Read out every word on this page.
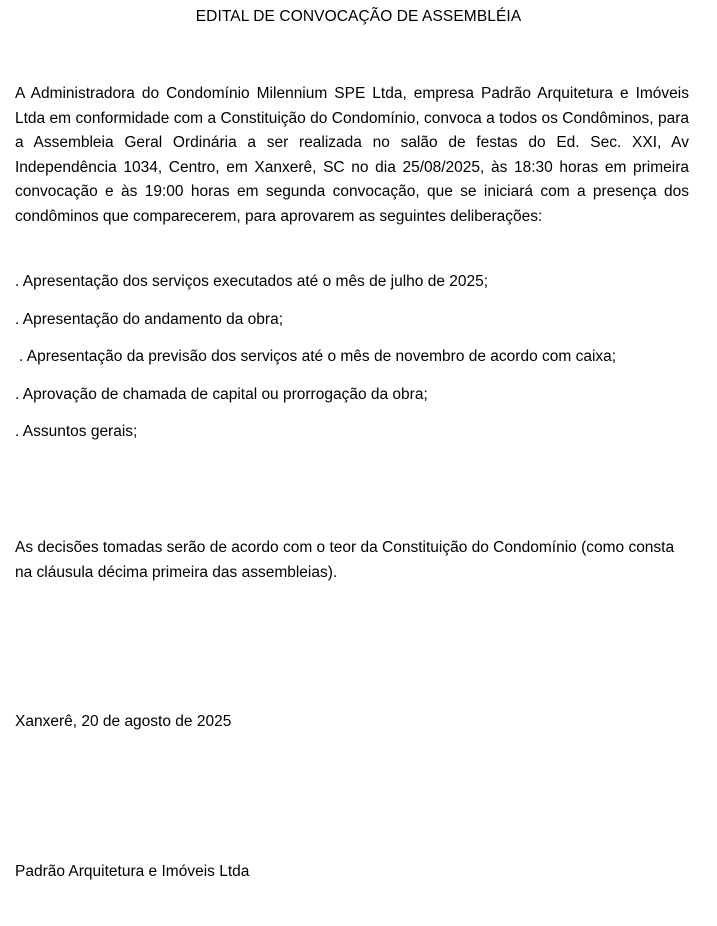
EDITAL DE CONVOCAÇÃO DE ASSEMBLÉIA

A Administradora do Condomínio Milennium SPE Ltda, empresa Padrão Arquitetura e Imóveis Ltda em conformidade com a Constituição do Condomínio, convoca a todos os Condôminos, para a Assembleia Geral Ordinária a ser realizada no salão de festas do Ed. Sec. XXI, Av Independência 1034, Centro, em Xanxerê, SC no dia 25/08/2025, às 18:30 horas em primeira convocação e às 19:00 horas em segunda convocação, que se iniciará com a presença dos condôminos que comparecerem, para aprovarem as seguintes deliberações:

. Apresentação dos serviços executados até o mês de julho de 2025;
. Apresentação do andamento da obra;
. Apresentação da previsão dos serviços até o mês de novembro de acordo com caixa;
. Aprovação de chamada de capital ou prorrogação da obra;
. Assuntos gerais;

As decisões tomadas serão de acordo com o teor da Constituição do Condomínio (como consta na cláusula décima primeira das assembleias).

Xanxerê, 20 de agosto de 2025

Padrão Arquitetura e Imóveis Ltda
